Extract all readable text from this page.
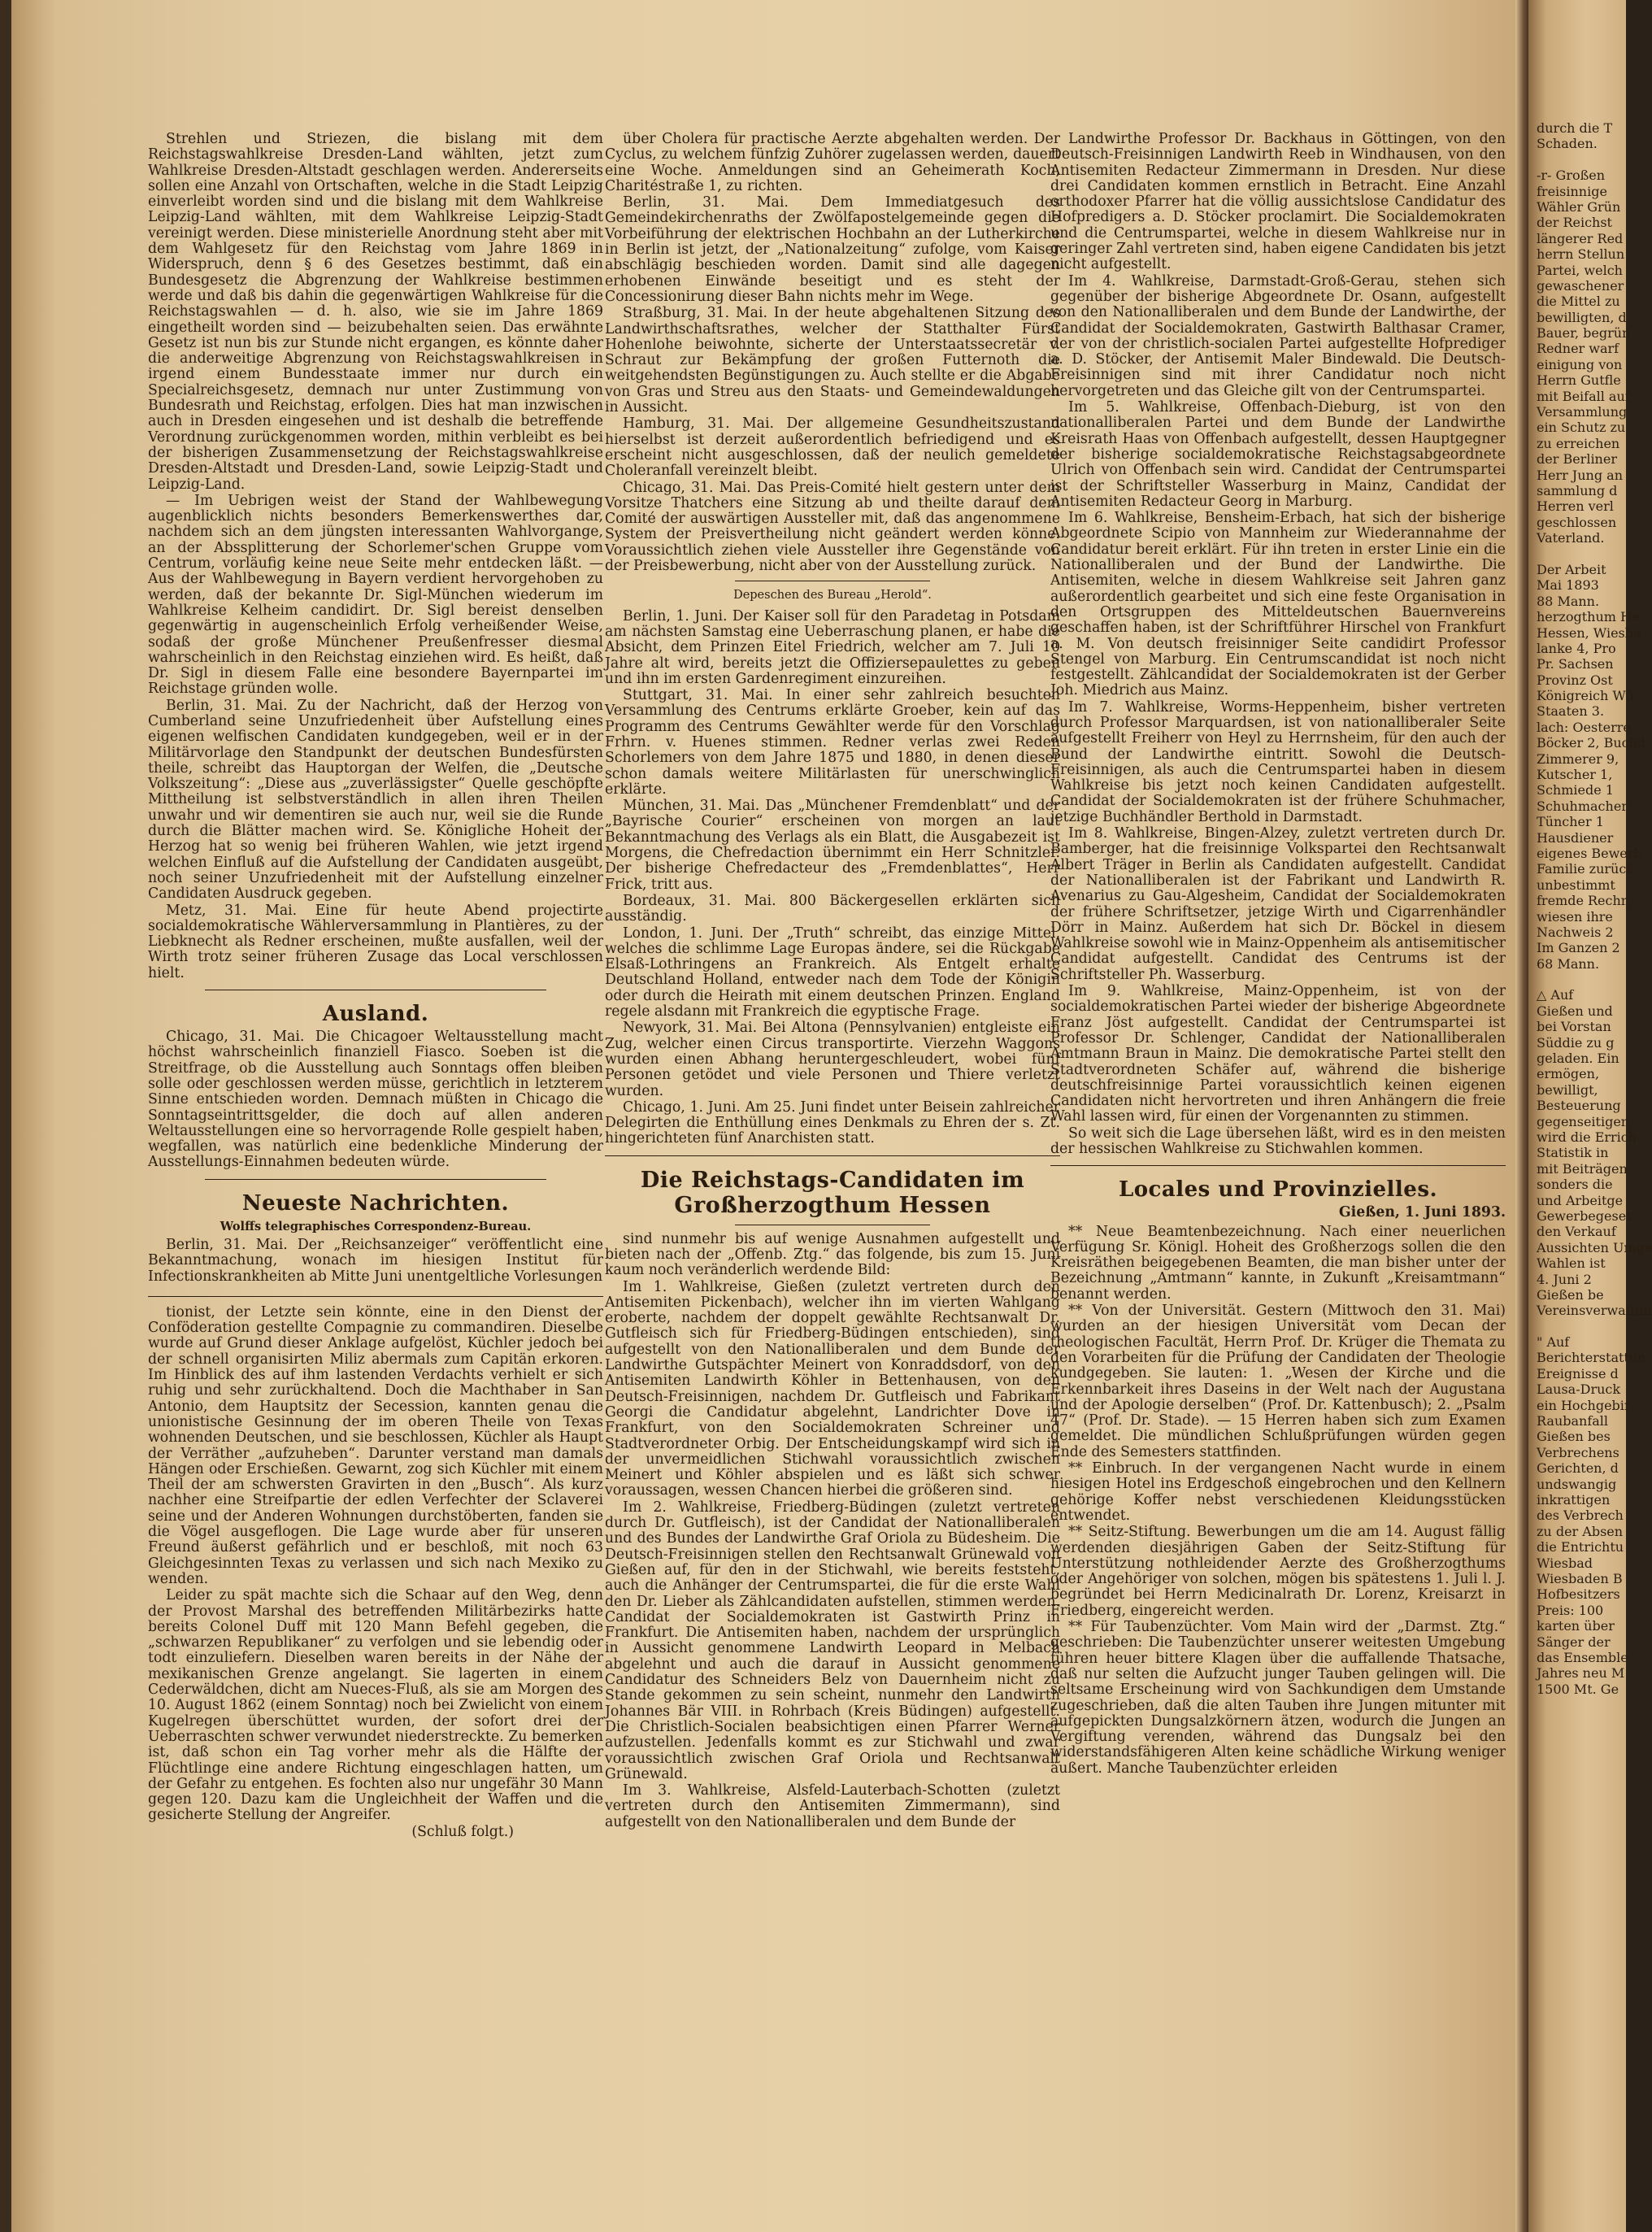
Strehlen und Striezen, die bislang mit dem Reichstagswahlkreise Dresden-Land wählten, jetzt zum Wahlkreise Dresden-Altstadt geschlagen werden. Andererseits sollen eine Anzahl von Ortschaften, welche in die Stadt Leipzig einverleibt worden sind und die bislang mit dem Wahlkreise Leipzig-Land wählten, mit dem Wahlkreise Leipzig-Stadt vereinigt werden. Diese ministerielle Anordnung steht aber mit dem Wahlgesetz für den Reichstag vom Jahre 1869 in Widerspruch, denn § 6 des Gesetzes bestimmt, daß ein Bundesgesetz die Abgrenzung der Wahlkreise bestimmen werde und daß bis dahin die gegenwärtigen Wahlkreise für die Reichstagswahlen — d. h. also, wie sie im Jahre 1869 eingetheilt worden sind — beizubehalten seien. Das erwähnte Gesetz ist nun bis zur Stunde nicht ergangen, es könnte daher die anderweitige Abgrenzung von Reichstagswahlkreisen in irgend einem Bundesstaate immer nur durch ein Specialreichsgesetz, demnach nur unter Zustimmung von Bundesrath und Reichstag, erfolgen. Dies hat man inzwischen auch in Dresden eingesehen und ist deshalb die betreffende Verordnung zurückgenommen worden, mithin verbleibt es bei der bisherigen Zusammensetzung der Reichstagswahlkreise Dresden-Altstadt und Dresden-Land, sowie Leipzig-Stadt und Leipzig-Land.

— Im Uebrigen weist der Stand der Wahlbewegung augenblicklich nichts besonders Bemerkenswerthes dar, nachdem sich an dem jüngsten interessanten Wahlvorgange, an der Abssplitterung der Schorlemer'schen Gruppe vom Centrum, vorläufig keine neue Seite mehr entdecken läßt. — Aus der Wahlbewegung in Bayern verdient hervorgehoben zu werden, daß der bekannte Dr. Sigl-München wiederum im Wahlkreise Kelheim candidirt. Dr. Sigl bereist denselben gegenwärtig in augenscheinlich Erfolg verheißender Weise, sodaß der große Münchener Preußenfresser diesmal wahrscheinlich in den Reichstag einziehen wird. Es heißt, daß Dr. Sigl in diesem Falle eine besondere Bayernpartei im Reichstage gründen wolle.

Berlin, 31. Mai. Zu der Nachricht, daß der Herzog von Cumberland seine Unzufriedenheit über Aufstellung eines eigenen welfischen Candidaten kundgegeben, weil er in der Militärvorlage den Standpunkt der deutschen Bundesfürsten theile, schreibt das Hauptorgan der Welfen, die „Deutsche Volkszeitung“: „Diese aus „zuverlässigster“ Quelle geschöpfte Mittheilung ist selbstverständlich in allen ihren Theilen unwahr und wir dementiren sie auch nur, weil sie die Runde durch die Blätter machen wird. Se. Königliche Hoheit der Herzog hat so wenig bei früheren Wahlen, wie jetzt irgend welchen Einfluß auf die Aufstellung der Candidaten ausgeübt, noch seiner Unzufriedenheit mit der Aufstellung einzelner Candidaten Ausdruck gegeben.

Metz, 31. Mai. Eine für heute Abend projectirte socialdemokratische Wählerversammlung in Plantières, zu der Liebknecht als Redner erscheinen, mußte ausfallen, weil der Wirth trotz seiner früheren Zusage das Local verschlossen hielt.

Ausland.

Chicago, 31. Mai. Die Chicagoer Weltausstellung macht höchst wahrscheinlich finanziell Fiasco. Soeben ist die Streitfrage, ob die Ausstellung auch Sonntags offen bleiben solle oder geschlossen werden müsse, gerichtlich in letzterem Sinne entschieden worden. Demnach müßten in Chicago die Sonntagseintrittsgelder, die doch auf allen anderen Weltausstellungen eine so hervorragende Rolle gespielt haben, wegfallen, was natürlich eine bedenkliche Minderung der Ausstellungs-Einnahmen bedeuten würde.

Neueste Nachrichten.
Wolffs telegraphisches Correspondenz-Bureau.

Berlin, 31. Mai. Der „Reichsanzeiger“ veröffentlicht eine Bekanntmachung, wonach im hiesigen Institut für Infectionskrankheiten ab Mitte Juni unentgeltliche Vorlesungen

tionist, der Letzte sein könnte, eine in den Dienst der Conföderation gestellte Compagnie zu commandiren. Dieselbe wurde auf Grund dieser Anklage aufgelöst, Küchler jedoch bei der schnell organisirten Miliz abermals zum Capitän erkoren. Im Hinblick des auf ihm lastenden Verdachts verhielt er sich ruhig und sehr zurückhaltend. Doch die Machthaber in San Antonio, dem Hauptsitz der Secession, kannten genau die unionistische Gesinnung der im oberen Theile von Texas wohnenden Deutschen, und sie beschlossen, Küchler als Haupt der Verräther „aufzuheben“. Darunter verstand man damals Hängen oder Erschießen. Gewarnt, zog sich Küchler mit einem Theil der am schwersten Gravirten in den „Busch“. Als kurz nachher eine Streifpartie der edlen Verfechter der Sclaverei seine und der Anderen Wohnungen durchstöberten, fanden sie die Vögel ausgeflogen. Die Lage wurde aber für unseren Freund äußerst gefährlich und er beschloß, mit noch 63 Gleichgesinnten Texas zu verlassen und sich nach Mexiko zu wenden.

Leider zu spät machte sich die Schaar auf den Weg, denn der Provost Marshal des betreffenden Militärbezirks hatte bereits Colonel Duff mit 120 Mann Befehl gegeben, die „schwarzen Republikaner“ zu verfolgen und sie lebendig oder todt einzuliefern. Dieselben waren bereits in der Nähe der mexikanischen Grenze angelangt. Sie lagerten in einem Cederwäldchen, dicht am Nueces-Fluß, als sie am Morgen des 10. August 1862 (einem Sonntag) noch bei Zwielicht von einem Kugelregen überschüttet wurden, der sofort drei der Ueberraschten schwer verwundet niederstreckte. Zu bemerken ist, daß schon ein Tag vorher mehr als die Hälfte der Flüchtlinge eine andere Richtung eingeschlagen hatten, um der Gefahr zu entgehen. Es fochten also nur ungefähr 30 Mann gegen 120. Dazu kam die Ungleichheit der Waffen und die gesicherte Stellung der Angreifer.

(Schluß folgt.)

über Cholera für practische Aerzte abgehalten werden. Der Cyclus, zu welchem fünfzig Zuhörer zugelassen werden, dauert eine Woche. Anmeldungen sind an Geheimerath Koch, Charitéstraße 1, zu richten.

Berlin, 31. Mai. Dem Immediatgesuch des Gemeindekirchenraths der Zwölfapostelgemeinde gegen die Vorbeiführung der elektrischen Hochbahn an der Lutherkirche in Berlin ist jetzt, der „Nationalzeitung“ zufolge, vom Kaiser abschlägig beschieden worden. Damit sind alle dagegen erhobenen Einwände beseitigt und es steht der Concessionirung dieser Bahn nichts mehr im Wege.

Straßburg, 31. Mai. In der heute abgehaltenen Sitzung des Landwirthschaftsrathes, welcher der Statthalter Fürst Hohenlohe beiwohnte, sicherte der Unterstaatssecretär v. Schraut zur Bekämpfung der großen Futternoth die weitgehendsten Begünstigungen zu. Auch stellte er die Abgabe von Gras und Streu aus den Staats- und Gemeindewaldungen in Aussicht.

Hamburg, 31. Mai. Der allgemeine Gesundheitszustand hierselbst ist derzeit außerordentlich befriedigend und es erscheint nicht ausgeschlossen, daß der neulich gemeldete Choleranfall vereinzelt bleibt.

Chicago, 31. Mai. Das Preis-Comité hielt gestern unter dem Vorsitze Thatchers eine Sitzung ab und theilte darauf dem Comité der auswärtigen Aussteller mit, daß das angenommene System der Preisvertheilung nicht geändert werden könne. Voraussichtlich ziehen viele Aussteller ihre Gegenstände von der Preisbewerbung, nicht aber von der Ausstellung zurück.

Depeschen des Bureau „Herold“.

Berlin, 1. Juni. Der Kaiser soll für den Paradetag in Potsdam am nächsten Samstag eine Ueberraschung planen, er habe die Absicht, dem Prinzen Eitel Friedrich, welcher am 7. Juli 10 Jahre alt wird, bereits jetzt die Offiziersepaulettes zu geben und ihn im ersten Gardenregiment einzureihen.

Stuttgart, 31. Mai. In einer sehr zahlreich besuchten Versammlung des Centrums erklärte Groeber, kein auf das Programm des Centrums Gewählter werde für den Vorschlag Frhrn. v. Huenes stimmen. Redner verlas zwei Reden Schorlemers von dem Jahre 1875 und 1880, in denen dieser schon damals weitere Militärlasten für unerschwinglich erklärte.

München, 31. Mai. Das „Münchener Fremdenblatt“ und der „Bayrische Courier“ erscheinen von morgen an laut Bekanntmachung des Verlags als ein Blatt, die Ausgabezeit ist Morgens, die Chefredaction übernimmt ein Herr Schnitzler. Der bisherige Chefredacteur des „Fremdenblattes“, Herr Frick, tritt aus.

Bordeaux, 31. Mai. 800 Bäckergesellen erklärten sich ausständig.

London, 1. Juni. Der „Truth“ schreibt, das einzige Mittel, welches die schlimme Lage Europas ändere, sei die Rückgabe Elsaß-Lothringens an Frankreich. Als Entgelt erhalte Deutschland Holland, entweder nach dem Tode der Königin oder durch die Heirath mit einem deutschen Prinzen. England regele alsdann mit Frankreich die egyptische Frage.

Newyork, 31. Mai. Bei Altona (Pennsylvanien) entgleiste ein Zug, welcher einen Circus transportirte. Vierzehn Waggons wurden einen Abhang heruntergeschleudert, wobei fünf Personen getödet und viele Personen und Thiere verletzt wurden.

Chicago, 1. Juni. Am 25. Juni findet unter Beisein zahlreicher Delegirten die Enthüllung eines Denkmals zu Ehren der s. Zt. hingerichteten fünf Anarchisten statt.

Die Reichstags-Candidaten im Großherzogthum Hessen

sind nunmehr bis auf wenige Ausnahmen aufgestellt und bieten nach der „Offenb. Ztg.“ das folgende, bis zum 15. Juni kaum noch veränderlich werdende Bild:

Im 1. Wahlkreise, Gießen (zuletzt vertreten durch den Antisemiten Pickenbach), welcher ihn im vierten Wahlgang eroberte, nachdem der doppelt gewählte Rechtsanwalt Dr. Gutfleisch sich für Friedberg-Büdingen entschieden), sind aufgestellt von den Nationalliberalen und dem Bunde der Landwirthe Gutspächter Meinert von Konraddsdorf, von den Antisemiten Landwirth Köhler in Bettenhausen, von den Deutsch-Freisinnigen, nachdem Dr. Gutfleisch und Fabrikant Georgi die Candidatur abgelehnt, Landrichter Dove in Frankfurt, von den Socialdemokraten Schreiner und Stadtverordneter Orbig. Der Entscheidungskampf wird sich in der unvermeidlichen Stichwahl voraussichtlich zwischen Meinert und Köhler abspielen und es läßt sich schwer voraussagen, wessen Chancen hierbei die größeren sind.

Im 2. Wahlkreise, Friedberg-Büdingen (zuletzt vertreten durch Dr. Gutfleisch), ist der Candidat der Nationalliberalen und des Bundes der Landwirthe Graf Oriola zu Büdesheim. Die Deutsch-Freisinnigen stellen den Rechtsanwalt Grünewald von Gießen auf, für den in der Stichwahl, wie bereits feststeht, auch die Anhänger der Centrumspartei, die für die erste Wahl den Dr. Lieber als Zählcandidaten aufstellen, stimmen werden. Candidat der Socialdemokraten ist Gastwirth Prinz in Frankfurt. Die Antisemiten haben, nachdem der ursprünglich in Aussicht genommene Landwirth Leopard in Melbach abgelehnt und auch die darauf in Aussicht genommene Candidatur des Schneiders Belz von Dauernheim nicht zu Stande gekommen zu sein scheint, nunmehr den Landwirth Johannes Bär VIII. in Rohrbach (Kreis Büdingen) aufgestellt. Die Christlich-Socialen beabsichtigen einen Pfarrer Werner aufzustellen. Jedenfalls kommt es zur Stichwahl und zwar voraussichtlich zwischen Graf Oriola und Rechtsanwalt Grünewald.

Im 3. Wahlkreise, Alsfeld-Lauterbach-Schotten (zuletzt vertreten durch den Antisemiten Zimmermann), sind aufgestellt von den Nationalliberalen und dem Bunde der

Landwirthe Professor Dr. Backhaus in Göttingen, von den Deutsch-Freisinnigen Landwirth Reeb in Windhausen, von den Antisemiten Redacteur Zimmermann in Dresden. Nur diese drei Candidaten kommen ernstlich in Betracht. Eine Anzahl orthodoxer Pfarrer hat die völlig aussichtslose Candidatur des Hofpredigers a. D. Stöcker proclamirt. Die Socialdemokraten und die Centrumspartei, welche in diesem Wahlkreise nur in geringer Zahl vertreten sind, haben eigene Candidaten bis jetzt nicht aufgestellt.

Im 4. Wahlkreise, Darmstadt-Groß-Gerau, stehen sich gegenüber der bisherige Abgeordnete Dr. Osann, aufgestellt von den Nationalliberalen und dem Bunde der Landwirthe, der Candidat der Socialdemokraten, Gastwirth Balthasar Cramer, der von der christlich-socialen Partei aufgestellte Hofprediger a. D. Stöcker, der Antisemit Maler Bindewald. Die Deutsch-Freisinnigen sind mit ihrer Candidatur noch nicht hervorgetreten und das Gleiche gilt von der Centrumspartei.

Im 5. Wahlkreise, Offenbach-Dieburg, ist von den nationalliberalen Partei und dem Bunde der Landwirthe Kreisrath Haas von Offenbach aufgestellt, dessen Hauptgegner der bisherige socialdemokratische Reichstagsabgeordnete Ulrich von Offenbach sein wird. Candidat der Centrumspartei ist der Schriftsteller Wasserburg in Mainz, Candidat der Antisemiten Redacteur Georg in Marburg.

Im 6. Wahlkreise, Bensheim-Erbach, hat sich der bisherige Abgeordnete Scipio von Mannheim zur Wiederannahme der Candidatur bereit erklärt. Für ihn treten in erster Linie ein die Nationalliberalen und der Bund der Landwirthe. Die Antisemiten, welche in diesem Wahlkreise seit Jahren ganz außerordentlich gearbeitet und sich eine feste Organisation in den Ortsgruppen des Mitteldeutschen Bauernvereins geschaffen haben, ist der Schriftführer Hirschel von Frankfurt a. M. Von deutsch freisinniger Seite candidirt Professor Stengel von Marburg. Ein Centrumscandidat ist noch nicht festgestellt. Zählcandidat der Socialdemokraten ist der Gerber Joh. Miedrich aus Mainz.

Im 7. Wahlkreise, Worms-Heppenheim, bisher vertreten durch Professor Marquardsen, ist von nationalliberaler Seite aufgestellt Freiherr von Heyl zu Herrnsheim, für den auch der Bund der Landwirthe eintritt. Sowohl die Deutsch-Freisinnigen, als auch die Centrumspartei haben in diesem Wahlkreise bis jetzt noch keinen Candidaten aufgestellt. Candidat der Socialdemokraten ist der frühere Schuhmacher, jetzige Buchhändler Berthold in Darmstadt.

Im 8. Wahlkreise, Bingen-Alzey, zuletzt vertreten durch Dr. Bamberger, hat die freisinnige Volkspartei den Rechtsanwalt Albert Träger in Berlin als Candidaten aufgestellt. Candidat der Nationalliberalen ist der Fabrikant und Landwirth R. Avenarius zu Gau-Algesheim, Candidat der Socialdemokraten der frühere Schriftsetzer, jetzige Wirth und Cigarrenhändler Dörr in Mainz. Außerdem hat sich Dr. Böckel in diesem Wahlkreise sowohl wie in Mainz-Oppenheim als antisemitischer Candidat aufgestellt. Candidat des Centrums ist der Schriftsteller Ph. Wasserburg.

Im 9. Wahlkreise, Mainz-Oppenheim, ist von der socialdemokratischen Partei wieder der bisherige Abgeordnete Franz Jöst aufgestellt. Candidat der Centrumspartei ist Professor Dr. Schlenger, Candidat der Nationalliberalen Amtmann Braun in Mainz. Die demokratische Partei stellt den Stadtverordneten Schäfer auf, während die bisherige deutschfreisinnige Partei voraussichtlich keinen eigenen Candidaten nicht hervortreten und ihren Anhängern die freie Wahl lassen wird, für einen der Vorgenannten zu stimmen.

So weit sich die Lage übersehen läßt, wird es in den meisten der hessischen Wahlkreise zu Stichwahlen kommen.

Locales und Provinzielles.
Gießen, 1. Juni 1893.

** Neue Beamtenbezeichnung. Nach einer neuerlichen Verfügung Sr. Königl. Hoheit des Großherzogs sollen die den Kreisräthen beigegebenen Beamten, die man bisher unter der Bezeichnung „Amtmann“ kannte, in Zukunft „Kreisamtmann“ benannt werden.

** Von der Universität. Gestern (Mittwoch den 31. Mai) wurden an der hiesigen Universität vom Decan der theologischen Facultät, Herrn Prof. Dr. Krüger die Themata zu den Vorarbeiten für die Prüfung der Candidaten der Theologie kundgegeben. Sie lauten: 1. „Wesen der Kirche und die Erkennbarkeit ihres Daseins in der Welt nach der Augustana und der Apologie derselben“ (Prof. Dr. Kattenbusch); 2. „Psalm 47“ (Prof. Dr. Stade). — 15 Herren haben sich zum Examen gemeldet. Die mündlichen Schlußprüfungen würden gegen Ende des Semesters stattfinden.

** Einbruch. In der vergangenen Nacht wurde in einem hiesigen Hotel ins Erdgeschoß eingebrochen und den Kellnern gehörige Koffer nebst verschiedenen Kleidungsstücken entwendet.

** Seitz-Stiftung. Bewerbungen um die am 14. August fällig werdenden diesjährigen Gaben der Seitz-Stiftung für Unterstützung nothleidender Aerzte des Großherzogthums oder Angehöriger von solchen, mögen bis spätestens 1. Juli l. J. begründet bei Herrn Medicinalrath Dr. Lorenz, Kreisarzt in Friedberg, eingereicht werden.

** Für Taubenzüchter. Vom Main wird der „Darmst. Ztg.“ geschrieben: Die Taubenzüchter unserer weitesten Umgebung führen heuer bittere Klagen über die auffallende Thatsache, daß nur selten die Aufzucht junger Tauben gelingen will. Die seltsame Erscheinung wird von Sachkundigen dem Umstande zugeschrieben, daß die alten Tauben ihre Jungen mitunter mit aufgepickten Dungsalzkörnern ätzen, wodurch die Jungen an Vergiftung verenden, während das Dungsalz bei den widerstandsfähigeren Alten keine schädliche Wirkung weniger äußert. Manche Taubenzüchter erleiden

durch die T
Schaden.
-r- Großen
freisinnige
Wähler Grün
der Reichst
längerer Red
herrn Stellun
Partei, welch
gewaschener
die Mittel zu
bewilligten, d
Bauer, begrün
Redner warf
einigung von
Herrn Gutfle
mit Beifall auf
Versammlung
ein Schutz zu
zu erreichen
der Berliner
Herr Jung an
sammlung d
Herren verl
geschlossen
Vaterland.
Der Arbeit
Mai 1893
88 Mann.
herzogthum He
Hessen, Wiesba
lanke 4, Pro
Pr. Sachsen
Provinz Ost
Königreich Wü
Staaten 3.
lach: Oesterre
Böcker 2, Buchd
Zimmerer 9,
Kutscher 1,
Schmiede 1
Schuhmacher
Tüncher 1
Hausdiener
eigenes Bewerb
Familie zurück
unbestimmt
fremde Rechn
wiesen ihre
Nachweis 2
Im Ganzen 2
68 Mann.
△ Auf
Gießen und
bei Vorstan
Süddie zu g
geladen. Ein
ermögen,
bewilligt,
Besteuerung
gegenseitigen
wird die Errich
Statistik in
mit Beiträgen
sonders die
und Arbeitge
Gewerbegeset
den Verkauf
Aussichten Umge
Wahlen ist
4. Juni 2
Gießen be
Vereinsverwaltun
" Auf
Berichterstattun
Ereignisse d
Lausa-Druck
ein Hochgebir
Raubanfall
Gießen bes
Verbrechens
Gerichten, d
undswangig
inkrattigen
des Verbrech
zu der Absen
die Entrichtu
Wiesbad
Wiesbaden B
Hofbesitzers
Preis: 100
karten über
Sänger der
das Ensemble
Jahres neu M
1500 Mt. Ge
